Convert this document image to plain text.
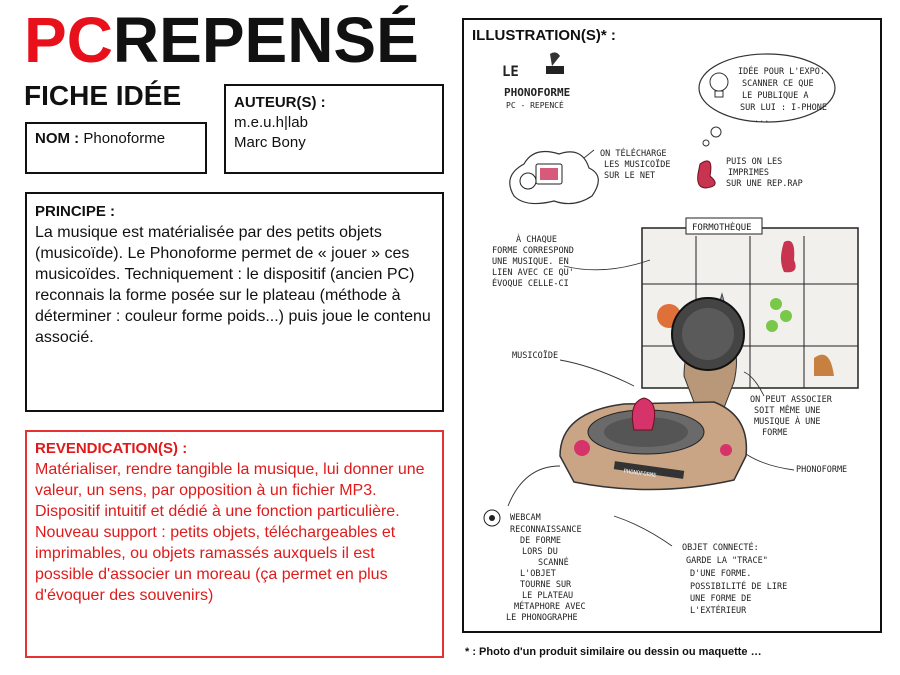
PCREPENSÉ
FICHE IDÉE
NOM : Phonoforme
AUTEUR(S) :
m.e.u.h|lab
Marc Bony
PRINCIPE :
La musique est matérialisée par des petits objets (musicoïde). Le Phonoforme permet de « jouer » ces musicoïdes. Techniquement : le dispositif (ancien PC) reconnais la forme posée sur le plateau (méthode à déterminer : couleur forme poids...) puis joue le contenu associé.
REVENDICATION(S) :
Matérialiser, rendre tangible la musique, lui donner une valeur, un sens, par opposition à un fichier MP3.
Dispositif intuitif et dédié à une fonction particulière.
Nouveau support : petits objets, téléchargeables et imprimables, ou objets ramassés auxquels il est possible d'associer un moreau (ça permet en plus d'évoquer des souvenirs)
ILLUSTRATION(S)* :
LE
PHONOFORME
PC - REPENCÉ
IDÉE POUR L'EXPO.
SCANNER CE QUE
LE PUBLIQUE A
SUR LUI : I-PHONE
...
ON TÉLÉCHARGE
LES MUSICOÏDE
SUR LE NET
PUIS ON LES
IMPRIMES
SUR UNE REP.RAP
FORMOTHÈQUE
À CHAQUE
FORME CORRESPOND
UNE MUSIQUE. EN
LIEN AVEC CE QU'
ÉVOQUE CELLE-CI
PHONOFORME
MUSICOÏDE
ON PEUT ASSOCIER
SOIT MÊME UNE
MUSIQUE À UNE
FORME
PHONOFORME
WEBCAM
RECONNAISSANCE
DE FORME
LORS DU
SCANNÉ
L'OBJET
TOURNE SUR
LE PLATEAU
MÉTAPHORE AVEC
LE PHONOGRAPHE
OBJET CONNECTÉ:
GARDE LA "TRACE"
D'UNE FORME.
POSSIBILITÉ DE LIRE
UNE FORME DE
L'EXTÉRIEUR
* : Photo d'un produit similaire ou dessin ou maquette …
